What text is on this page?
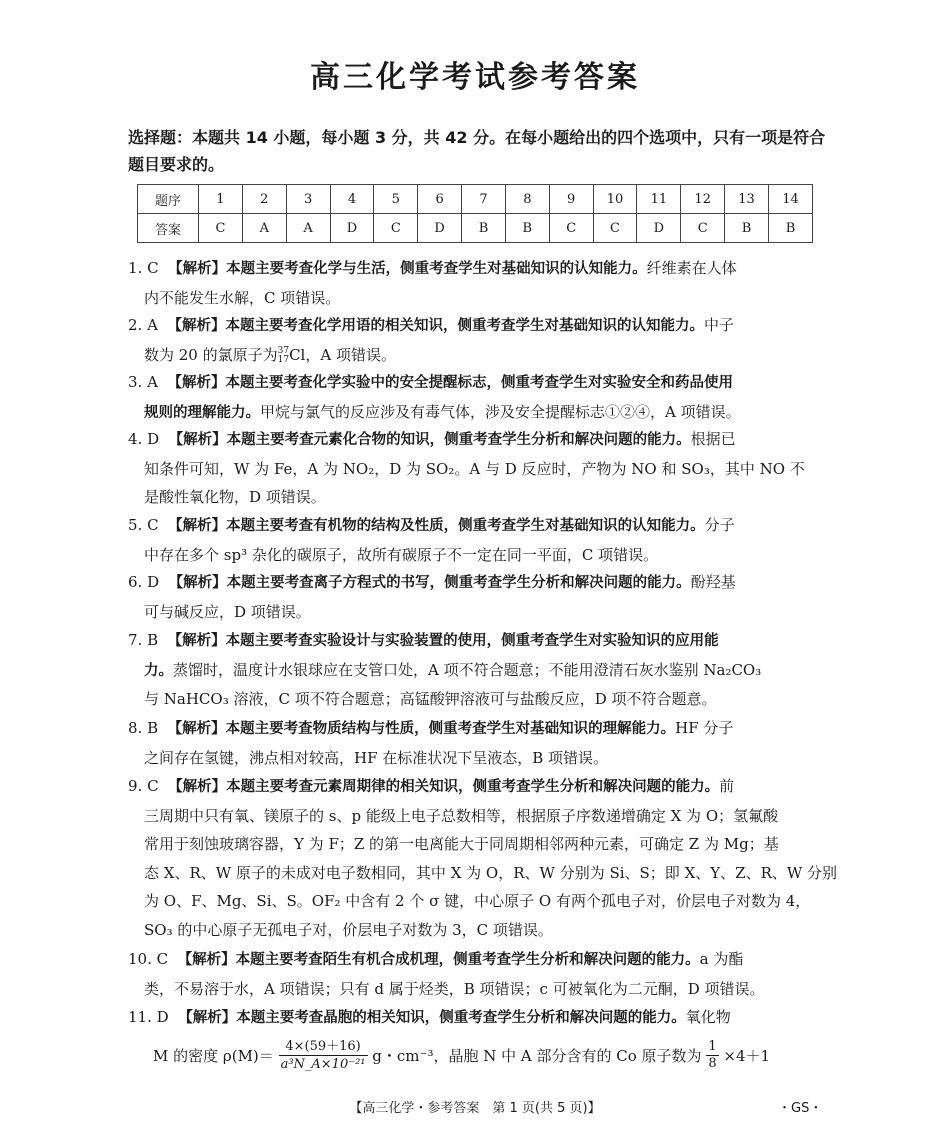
高三化学考试参考答案
选择题：本题共 14 小题，每小题 3 分，共 42 分。在每小题给出的四个选项中，只有一项是符合题目要求的。
题序	1	2	3	4	5	6	7	8	9	10	11	12	13	14
答案	C	A	A	D	C	D	B	B	C	C	D	C	B	B
1. C 【解析】本题主要考查化学与生活，侧重考查学生对基础知识的认知能力。纤维素在人体
内不能发生水解，C 项错误。
2. A 【解析】本题主要考查化学用语的相关知识，侧重考查学生对基础知识的认知能力。中子
数为 20 的氯原子为37
17Cl，A 项错误。
3. A 【解析】本题主要考查化学实验中的安全提醒标志，侧重考查学生对实验安全和药品使用
规则的理解能力。甲烷与氯气的反应涉及有毒气体，涉及安全提醒标志①②④，A 项错误。
4. D 【解析】本题主要考查元素化合物的知识，侧重考查学生分析和解决问题的能力。根据已
知条件可知，W 为 Fe，A 为 NO₂，D 为 SO₂。A 与 D 反应时，产物为 NO 和 SO₃，其中 NO 不
是酸性氧化物，D 项错误。
5. C 【解析】本题主要考查有机物的结构及性质，侧重考查学生对基础知识的认知能力。分子
中存在多个 sp³ 杂化的碳原子，故所有碳原子不一定在同一平面，C 项错误。
6. D 【解析】本题主要考查离子方程式的书写，侧重考查学生分析和解决问题的能力。酚羟基
可与碱反应，D 项错误。
7. B 【解析】本题主要考查实验设计与实验装置的使用，侧重考查学生对实验知识的应用能
力。蒸馏时，温度计水银球应在支管口处，A 项不符合题意；不能用澄清石灰水鉴别 Na₂CO₃
与 NaHCO₃ 溶液，C 项不符合题意；高锰酸钾溶液可与盐酸反应，D 项不符合题意。
8. B 【解析】本题主要考查物质结构与性质，侧重考查学生对基础知识的理解能力。HF 分子
之间存在氢键，沸点相对较高，HF 在标准状况下呈液态，B 项错误。
9. C 【解析】本题主要考查元素周期律的相关知识，侧重考查学生分析和解决问题的能力。前
三周期中只有氧、镁原子的 s、p 能级上电子总数相等，根据原子序数递增确定 X 为 O；氢氟酸
常用于刻蚀玻璃容器，Y 为 F；Z 的第一电离能大于同周期相邻两种元素，可确定 Z 为 Mg；基
态 X、R、W 原子的未成对电子数相同，其中 X 为 O，R、W 分别为 Si、S；即 X、Y、Z、R、W 分别
为 O、F、Mg、Si、S。OF₂ 中含有 2 个 σ 键，中心原子 O 有两个孤电子对，价层电子对数为 4，
SO₃ 的中心原子无孤电子对，价层电子对数为 3，C 项错误。
10. C 【解析】本题主要考查陌生有机合成机理，侧重考查学生分析和解决问题的能力。a 为酯
类，不易溶于水，A 项错误；只有 d 属于烃类，B 项错误；c 可被氧化为二元酮，D 项错误。
11. D 【解析】本题主要考查晶胞的相关知识，侧重考查学生分析和解决问题的能力。氧化物
M 的密度 $\rho(M)= \frac{4\times(59+16)}{\text{a³N\_A×10⁻²¹}}$ g・cm⁻³，晶胞 N 中 A 部分含有的 Co 原子数为 $\frac{1}{8} \times 4+1$
【高三化学・参考答案　第 1 页(共 5 页)】	・GS・
